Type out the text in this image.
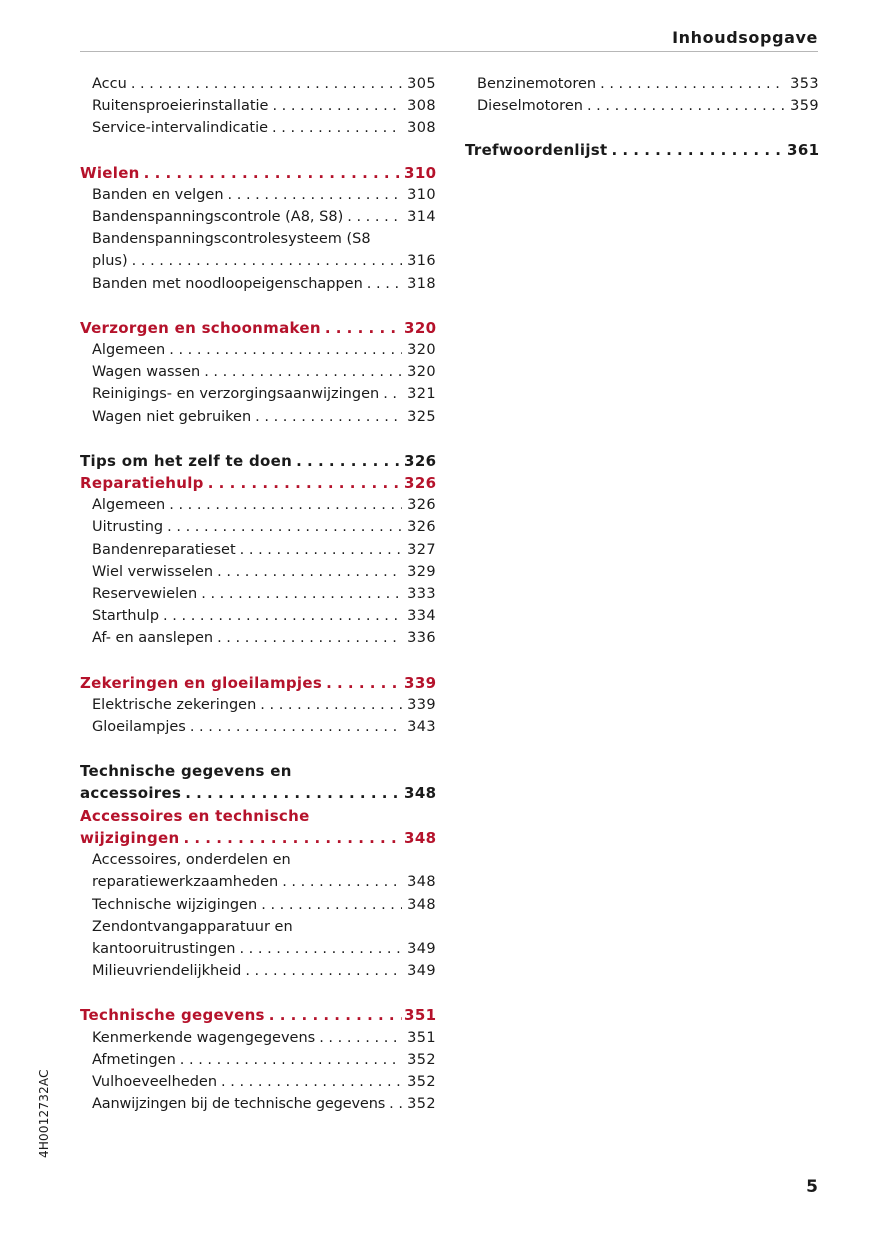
Inhoudsopgave
Accu . . .	305
Ruitensproeierinstallatie . . .	308
Service-intervalindicatie . . .	308
Wielen . . .	310
Banden en velgen . . .	310
Bandenspanningscontrole (A8, S8) . . .	314
Bandenspanningscontrolesysteem (S8
plus) . . .	316
Banden met noodloopeigenschappen . . .	318
Verzorgen en schoonmaken . . .	320
Algemeen . . .	320
Wagen wassen . . .	320
Reinigings- en verzorgingsaanwijzingen . . . 321
Wagen niet gebruiken . . .	325
Tips om het zelf te doen . . .	326
Reparatiehulp . . .	326
Algemeen . . .	326
Uitrusting . . .	326
Bandenreparatieset . . .	327
Wiel verwisselen . . .	329
Reservewielen . . .	333
Starthulp . . .	334
Af- en aanslepen . . .	336
Zekeringen en gloeilampjes . . .	339
Elektrische zekeringen . . .	339
Gloeilampjes . . .	343
Technische gegevens en
accessoires . . .	348
Accessoires en technische
wijzigingen . . .	348
Accessoires, onderdelen en
reparatiewerkzaamheden . . .	348
Technische wijzigingen . . .	348
Zendontvangapparatuur en
kantooruitrustingen . . .	349
Milieuvriendelijkheid . . .	349
Technische gegevens . . .	351
Kenmerkende wagengegevens . . .	351
Afmetingen . . .	352
Vulhoeveelheden . . .	352
Aanwijzingen bij de technische gegevens . . . 352
Benzinemotoren . . .	353
Dieselmotoren . . .	359
Trefwoordenlijst . . .	361
4H0012732AC
5
